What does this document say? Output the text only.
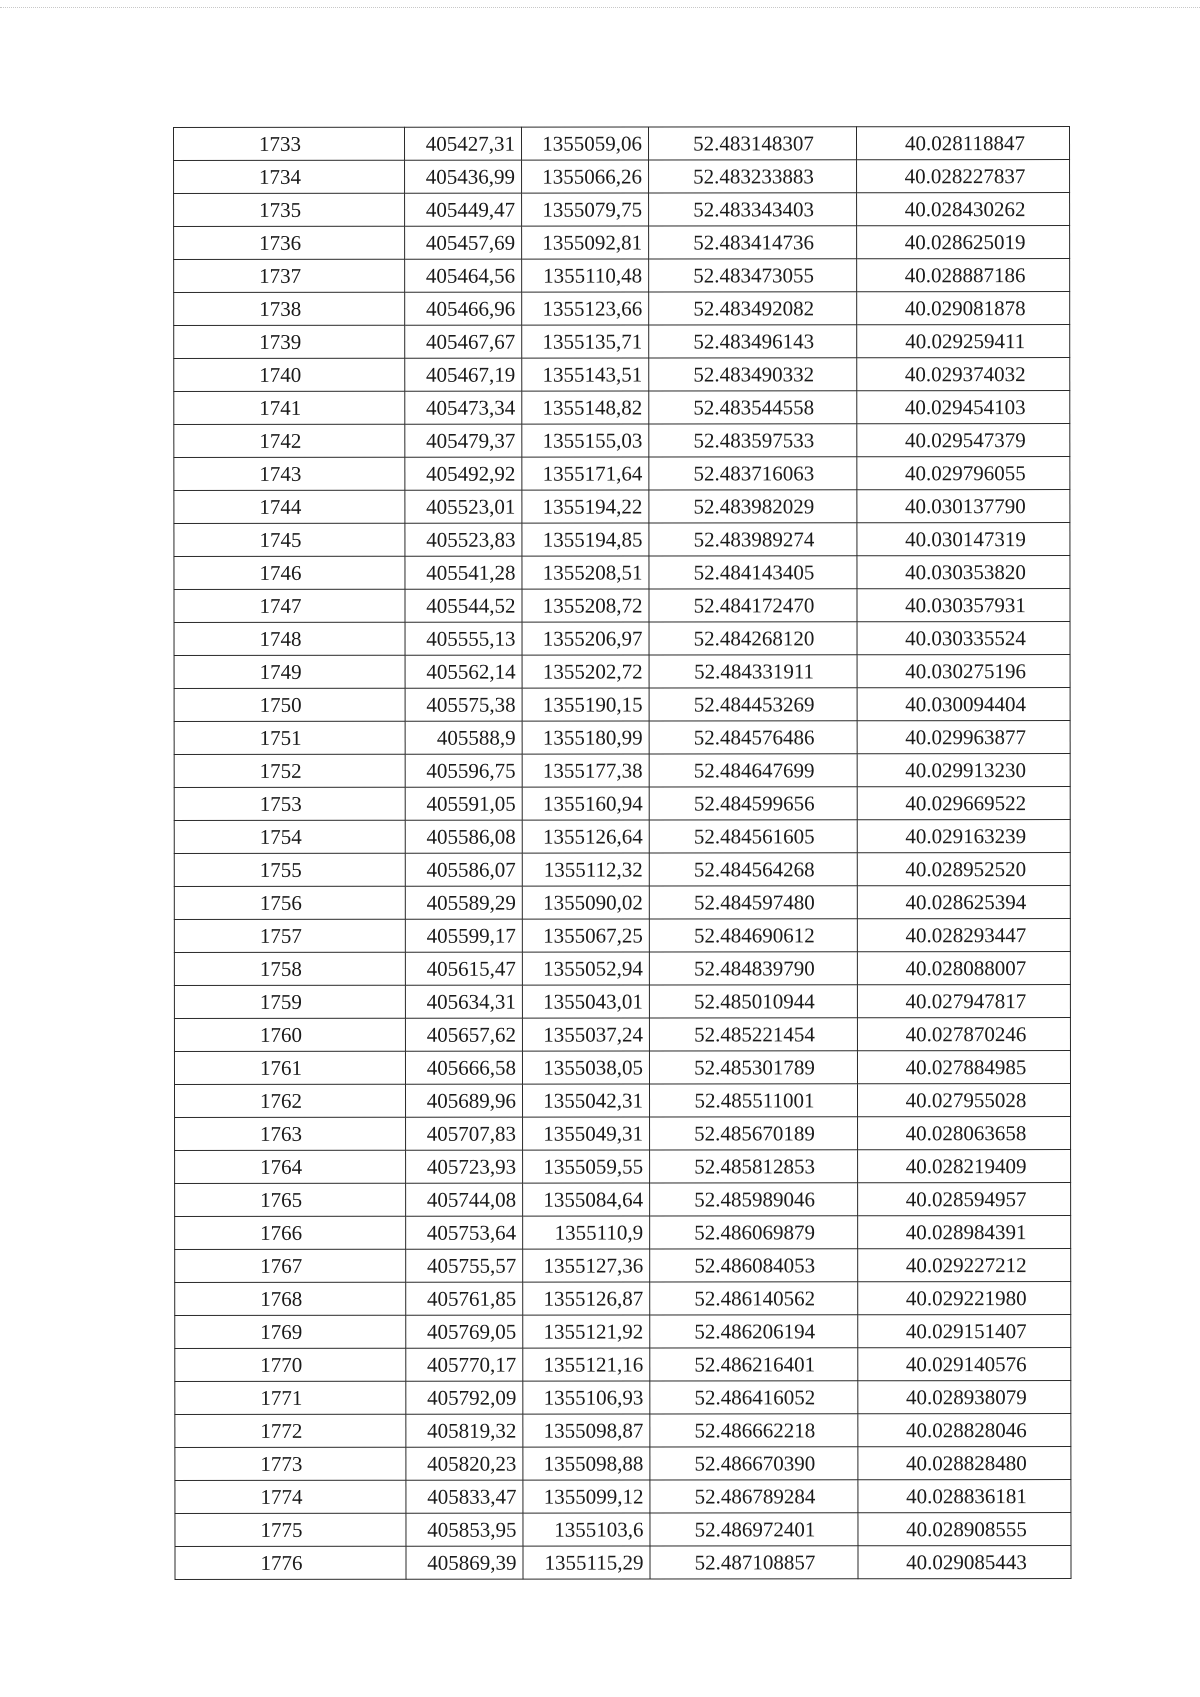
1733	405427,31	1355059,06	52.483148307	40.028118847
1734	405436,99	1355066,26	52.483233883	40.028227837
1735	405449,47	1355079,75	52.483343403	40.028430262
1736	405457,69	1355092,81	52.483414736	40.028625019
1737	405464,56	1355110,48	52.483473055	40.028887186
1738	405466,96	1355123,66	52.483492082	40.029081878
1739	405467,67	1355135,71	52.483496143	40.029259411
1740	405467,19	1355143,51	52.483490332	40.029374032
1741	405473,34	1355148,82	52.483544558	40.029454103
1742	405479,37	1355155,03	52.483597533	40.029547379
1743	405492,92	1355171,64	52.483716063	40.029796055
1744	405523,01	1355194,22	52.483982029	40.030137790
1745	405523,83	1355194,85	52.483989274	40.030147319
1746	405541,28	1355208,51	52.484143405	40.030353820
1747	405544,52	1355208,72	52.484172470	40.030357931
1748	405555,13	1355206,97	52.484268120	40.030335524
1749	405562,14	1355202,72	52.484331911	40.030275196
1750	405575,38	1355190,15	52.484453269	40.030094404
1751	405588,9	1355180,99	52.484576486	40.029963877
1752	405596,75	1355177,38	52.484647699	40.029913230
1753	405591,05	1355160,94	52.484599656	40.029669522
1754	405586,08	1355126,64	52.484561605	40.029163239
1755	405586,07	1355112,32	52.484564268	40.028952520
1756	405589,29	1355090,02	52.484597480	40.028625394
1757	405599,17	1355067,25	52.484690612	40.028293447
1758	405615,47	1355052,94	52.484839790	40.028088007
1759	405634,31	1355043,01	52.485010944	40.027947817
1760	405657,62	1355037,24	52.485221454	40.027870246
1761	405666,58	1355038,05	52.485301789	40.027884985
1762	405689,96	1355042,31	52.485511001	40.027955028
1763	405707,83	1355049,31	52.485670189	40.028063658
1764	405723,93	1355059,55	52.485812853	40.028219409
1765	405744,08	1355084,64	52.485989046	40.028594957
1766	405753,64	1355110,9	52.486069879	40.028984391
1767	405755,57	1355127,36	52.486084053	40.029227212
1768	405761,85	1355126,87	52.486140562	40.029221980
1769	405769,05	1355121,92	52.486206194	40.029151407
1770	405770,17	1355121,16	52.486216401	40.029140576
1771	405792,09	1355106,93	52.486416052	40.028938079
1772	405819,32	1355098,87	52.486662218	40.028828046
1773	405820,23	1355098,88	52.486670390	40.028828480
1774	405833,47	1355099,12	52.486789284	40.028836181
1775	405853,95	1355103,6	52.486972401	40.028908555
1776	405869,39	1355115,29	52.487108857	40.029085443
